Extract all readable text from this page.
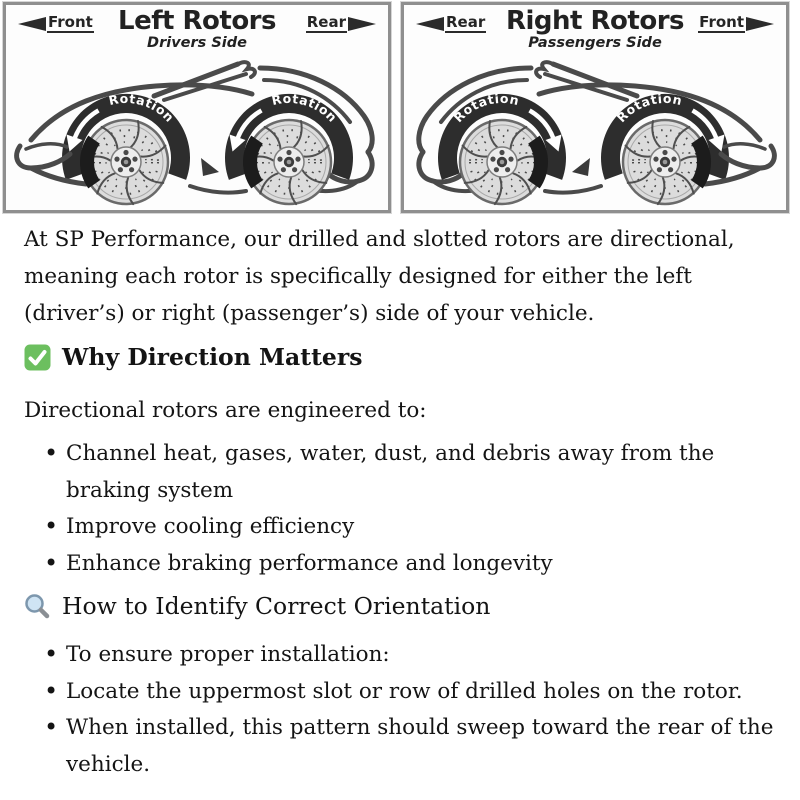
Front Left Rotors
Drivers Side
Rear
Rotation
Rotation
Rear Right Rotors
Passengers Side
Front
Rotation
Rotation
At SP Performance, our drilled and slotted rotors are directional,
meaning each rotor is specifically designed for either the left
(driver’s) or right (passenger’s) side of your vehicle.
Why Direction Matters
Directional rotors are engineered to:
• Channel heat, gases, water, dust, and debris away from the
braking system
• Improve cooling efficiency
• Enhance braking performance and longevity
How to Identify Correct Orientation
• To ensure proper installation:
• Locate the uppermost slot or row of drilled holes on the rotor.
• When installed, this pattern should sweep toward the rear of the
vehicle.
